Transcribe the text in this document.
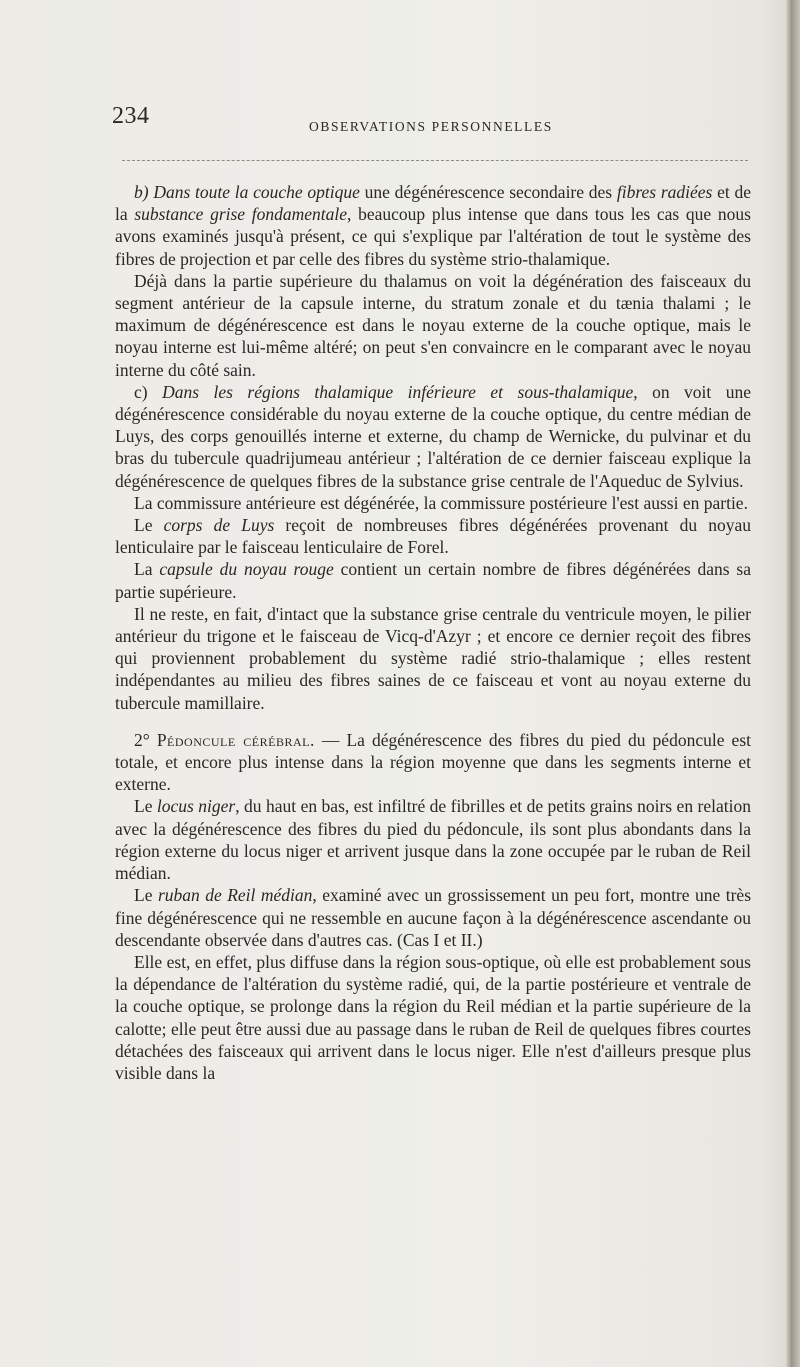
234	OBSERVATIONS PERSONNELLES

b) Dans toute la couche optique une dégénérescence secondaire des fibres radiées et de la substance grise fondamentale, beaucoup plus intense que dans tous les cas que nous avons examinés jusqu'à présent, ce qui s'explique par l'altération de tout le système des fibres de projection et par celle des fibres du système strio-thalamique.

Déjà dans la partie supérieure du thalamus on voit la dégénération des faisceaux du segment antérieur de la capsule interne, du stratum zonale et du tænia thalami ; le maximum de dégénérescence est dans le noyau externe de la couche optique, mais le noyau interne est lui-même altéré; on peut s'en convaincre en le comparant avec le noyau interne du côté sain.

c) Dans les régions thalamique inférieure et sous-thalamique, on voit une dégénérescence considérable du noyau externe de la couche optique, du centre médian de Luys, des corps genouillés interne et externe, du champ de Wernicke, du pulvinar et du bras du tubercule quadrijumeau antérieur ; l'altération de ce dernier faisceau explique la dégénérescence de quelques fibres de la substance grise centrale de l'Aqueduc de Sylvius.

La commissure antérieure est dégénérée, la commissure postérieure l'est aussi en partie.

Le corps de Luys reçoit de nombreuses fibres dégénérées provenant du noyau lenticulaire par le faisceau lenticulaire de Forel.

La capsule du noyau rouge contient un certain nombre de fibres dégénérées dans sa partie supérieure.

Il ne reste, en fait, d'intact que la substance grise centrale du ventricule moyen, le pilier antérieur du trigone et le faisceau de Vicq-d'Azyr ; et encore ce dernier reçoit des fibres qui proviennent probablement du système radié strio-thalamique ; elles restent indépendantes au milieu des fibres saines de ce faisceau et vont au noyau externe du tubercule mamillaire.

2° Pédoncule cérébral. — La dégénérescence des fibres du pied du pédoncule est totale, et encore plus intense dans la région moyenne que dans les segments interne et externe.

Le locus niger, du haut en bas, est infiltré de fibrilles et de petits grains noirs en relation avec la dégénérescence des fibres du pied du pédoncule, ils sont plus abondants dans la région externe du locus niger et arrivent jusque dans la zone occupée par le ruban de Reil médian.

Le ruban de Reil médian, examiné avec un grossissement un peu fort, montre une très fine dégénérescence qui ne ressemble en aucune façon à la dégénérescence ascendante ou descendante observée dans d'autres cas. (Cas I et II.)

Elle est, en effet, plus diffuse dans la région sous-optique, où elle est probablement sous la dépendance de l'altération du système radié, qui, de la partie postérieure et ventrale de la couche optique, se prolonge dans la région du Reil médian et la partie supérieure de la calotte; elle peut être aussi due au passage dans le ruban de Reil de quelques fibres courtes détachées des faisceaux qui arrivent dans le locus niger. Elle n'est d'ailleurs presque plus visible dans la
